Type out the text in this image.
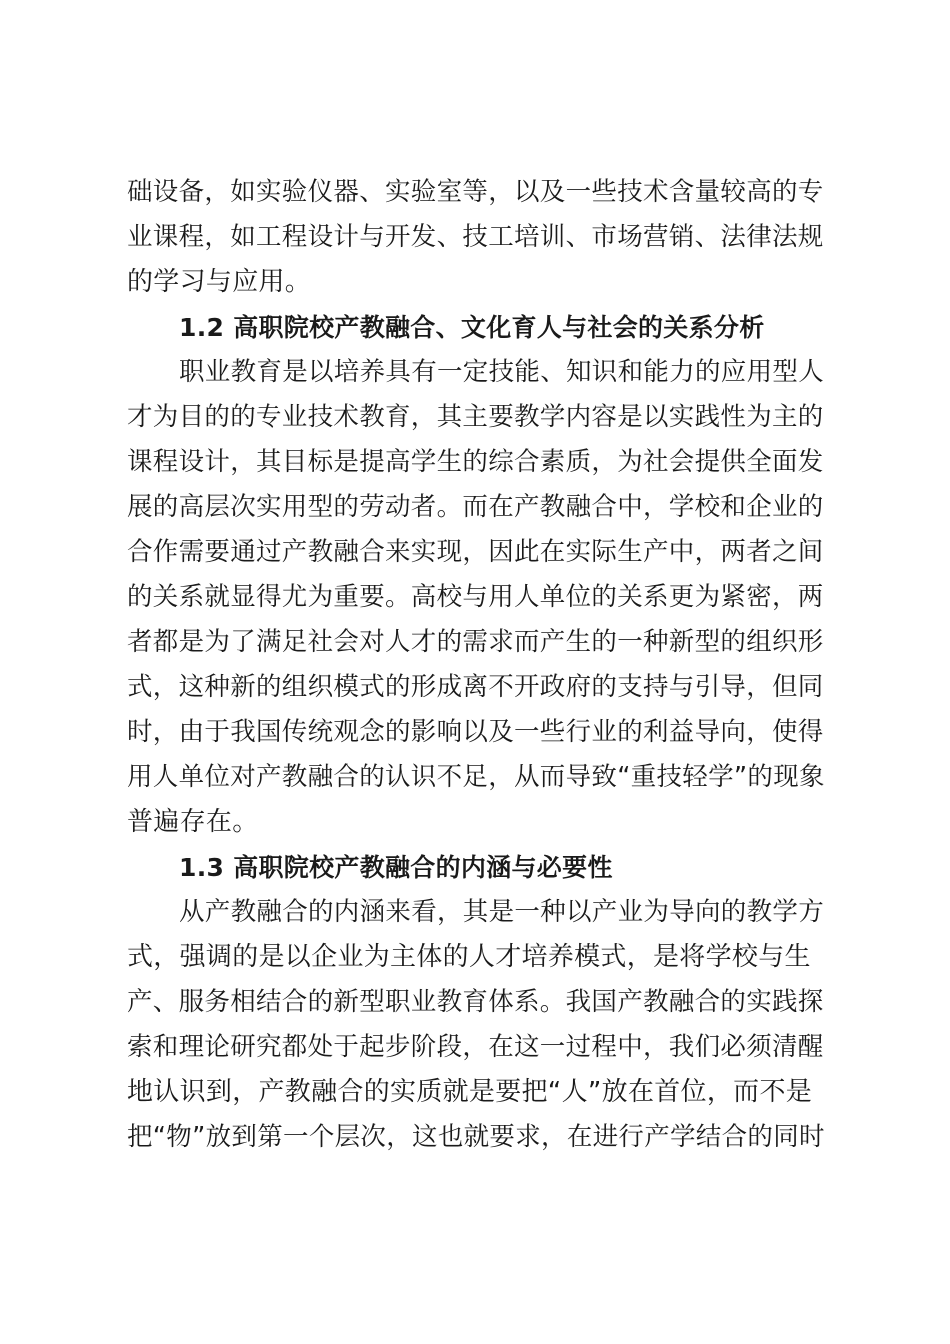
础设备，如实验仪器、实验室等，以及一些技术含量较高的专
业课程，如工程设计与开发、技工培训、市场营销、法律法规
的学习与应用。
1.2 高职院校产教融合、文化育人与社会的关系分析
职业教育是以培养具有一定技能、知识和能力的应用型人
才为目的的专业技术教育，其主要教学内容是以实践性为主的
课程设计，其目标是提高学生的综合素质，为社会提供全面发
展的高层次实用型的劳动者。而在产教融合中，学校和企业的
合作需要通过产教融合来实现，因此在实际生产中，两者之间
的关系就显得尤为重要。高校与用人单位的关系更为紧密，两
者都是为了满足社会对人才的需求而产生的一种新型的组织形
式，这种新的组织模式的形成离不开政府的支持与引导，但同
时，由于我国传统观念的影响以及一些行业的利益导向，使得
用人单位对产教融合的认识不足，从而导致“重技轻学”的现象
普遍存在。
1.3 高职院校产教融合的内涵与必要性
从产教融合的内涵来看，其是一种以产业为导向的教学方
式，强调的是以企业为主体的人才培养模式，是将学校与生
产、服务相结合的新型职业教育体系。我国产教融合的实践探
索和理论研究都处于起步阶段，在这一过程中，我们必须清醒
地认识到，产教融合的实质就是要把“人”放在首位，而不是
把“物”放到第一个层次，这也就要求，在进行产学结合的同时
